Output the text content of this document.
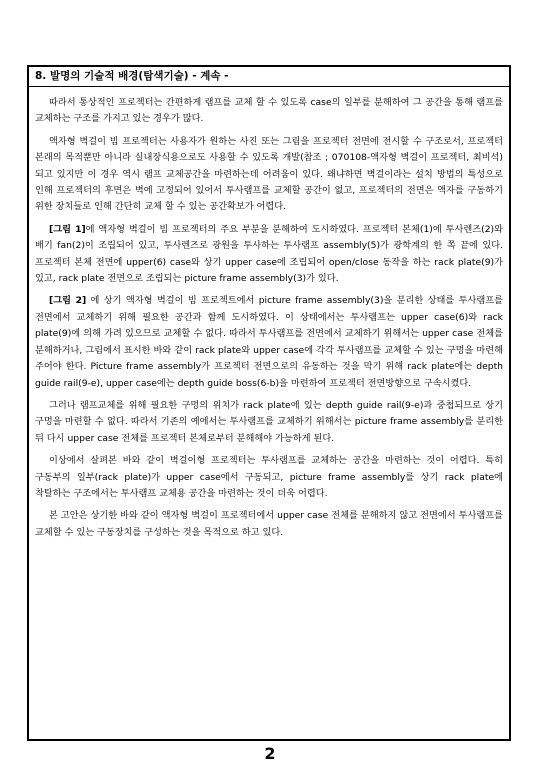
8. 발명의 기술적 배경(탐색기술) - 계속 -

따라서 통상적인 프로젝터는 간편하게 램프를 교체 할 수 있도록 case의 일부를 분해하여 그 공간을 통해 램프를 교체하는 구조를 가지고 있는 경우가 많다.

액자형 벽걸이 빔 프로젝터는 사용자가 원하는 사진 또는 그림을 프로젝터 전면에 전시할 수 구조로서, 프로젝터 본래의 목적뿐만 아니라 실내장식용으로도 사용할 수 있도록 개발(참조 ; 070108-액자형 벽걸이 프로젝터, 최비석)되고 있지만 이 경우 역시 램프 교체공간을 마련하는데 어려움이 있다. 왜냐하면 벽걸이라는 설치 방법의 특성으로 인해 프로젝터의 후면은 벽에 고정되어 있어서 투사램프를 교체할 공간이 없고, 프로젝터의 전면은 액자를 구동하기 위한 장치들로 인해 간단히 교체 할 수 있는 공간확보가 어렵다.

[그림 1]에 액자형 벽걸이 빔 프로젝터의 주요 부분을 분해하여 도시하였다. 프로젝터 본체(1)에 투사렌즈(2)와 배기 fan(2)이 조립되어 있고, 투사렌즈로 광원을 투사하는 투사램프 assembly(5)가 광학계의 한 쪽 끝에 있다. 프로젝터 본체 전면에 upper(6) case와 상기 upper case에 조립되어 open/close 동작을 하는 rack plate(9)가 있고, rack plate 전면으로 조립되는 picture frame assembly(3)가 있다.

[그림 2] 에 상기 액자형 벽걸이 빔 프로젝트에서 picture frame assembly(3)을 분리한 상태를 투사램프를 전면에서 교체하기 위해 필요한 공간과 함께 도시하였다. 이 상태에서는 투사램프는 upper case(6)와 rack plate(9)에 의해 가려 있으므로 교체할 수 없다. 따라서 투사램프를 전면에서 교체하기 위해서는 upper case 전체를 분해하거나, 그림에서 표시한 바와 같이 rack plate와 upper case에 각각 투사램프를 교체할 수 있는 구멍을 마련해 주어야 한다. Picture frame assembly가 프로젝터 전면으로의 유동하는 것을 막기 위해 rack plate에는 depth guide rail(9-e), upper case에는 depth guide boss(6-b)을 마련하여 프로젝터 전면방향으로 구속시켰다.

그러나 램프교체를 위해 필요한 구멍의 위치가 rack plate에 있는 depth guide rail(9-e)과 중첩되므로 상기 구멍을 마련할 수 없다. 따라서 기존의 예에서는 투사램프를 교체하기 위해서는 picture frame assembly를 분리한 뒤 다시 upper case 전체를 프로젝터 본체로부터 분해해야 가능하게 된다.

이상에서 살펴본 바와 같이 벽걸이형 프로젝터는 투사램프를 교체하는 공간을 마련하는 것이 어렵다. 특히 구동부의 일부(rack plate)가 upper case에서 구동되고, picture frame assembly를 상기 rack plate에 착탈하는 구조에서는 투사램프 교체용 공간을 마련하는 것이 더욱 어렵다.

본 고안은 상기한 바와 같이 액자형 벽걸이 프로젝터에서 upper case 전체를 분해하지 않고 전면에서 투사램프를 교체할 수 있는 구동장치를 구성하는 것을 목적으로 하고 있다.

2
